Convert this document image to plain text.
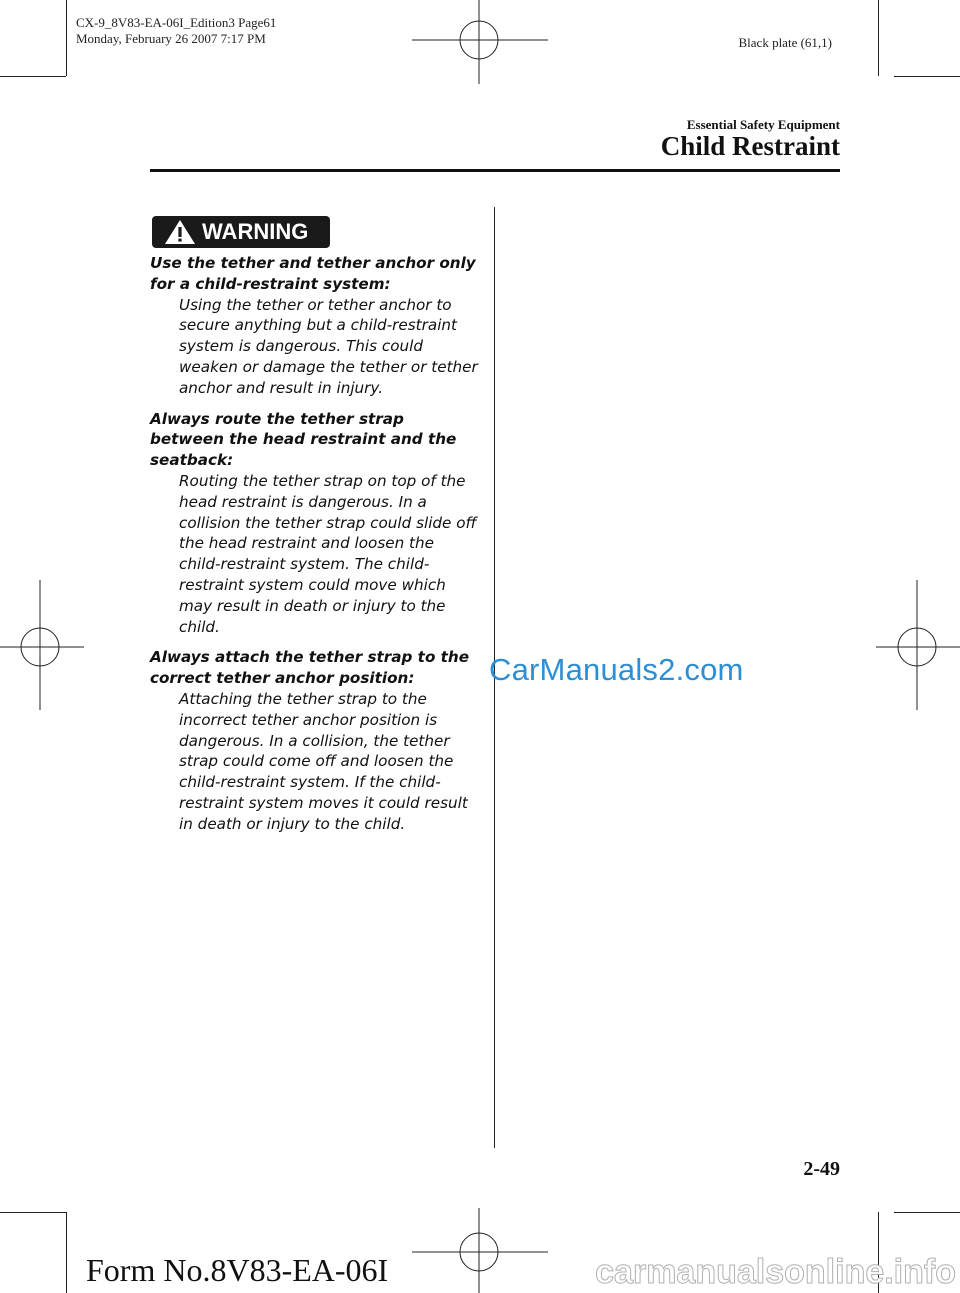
CX-9_8V83-EA-06I_Edition3 Page61
Monday, February 26 2007 7:17 PM	Black plate (61,1)
Essential Safety Equipment
Child Restraint
WARNING
Use the tether and tether anchor only for a child-restraint system:
Using the tether or tether anchor to secure anything but a child-restraint system is dangerous. This could weaken or damage the tether or tether anchor and result in injury.
Always route the tether strap between the head restraint and the seatback:
Routing the tether strap on top of the head restraint is dangerous. In a collision the tether strap could slide off the head restraint and loosen the child-restraint system. The child-restraint system could move which may result in death or injury to the child.
Always attach the tether strap to the correct tether anchor position:
Attaching the tether strap to the incorrect tether anchor position is dangerous. In a collision, the tether strap could come off and loosen the child-restraint system. If the child-restraint system moves it could result in death or injury to the child.
CarManuals2.com
2-49
Form No.8V83-EA-06I	carmanualsonline.info
